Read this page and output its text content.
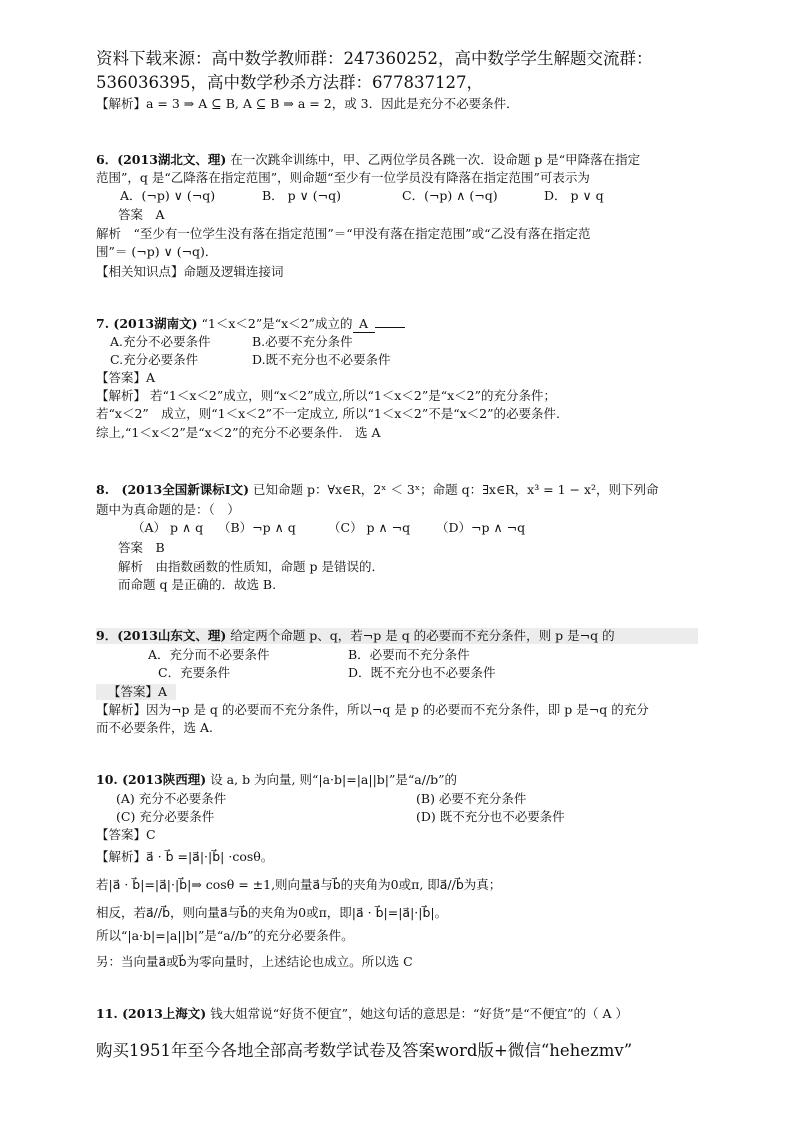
资料下载来源：高中数学教师群：247360252，高中数学学生解题交流群：
536036395，高中数学秒杀方法群：677837127，
【解析】a = 3 ⇒ A ⊆ B, A ⊆ B ⇒ a = 2，或 3．因此是充分不必要条件．
6．(2013湖北文、理) 在一次跳伞训练中，甲、乙两位学员各跳一次．设命题 p 是“甲降落在指定
范围”，q 是“乙降落在指定范围”，则命题“至少有一位学员没有降落在指定范围”可表示为
A．(¬p) ∨ (¬q)	B． p ∨ (¬q)	C．(¬p) ∧ (¬q)	D． p ∨ q
答案　A
解析　“至少有一位学生没有落在指定范围”＝“甲没有落在指定范围”或“乙没有落在指定范
围”＝ (¬p) ∨ (¬q)．
【相关知识点】命题及逻辑连接词
7. (2013湖南文) “1＜x＜2”是“x＜2”成立的A
A.充分不必要条件	B.必要不充分条件
C.充分必要条件	D.既不充分也不必要条件
【答案】A
【解析】 若“1＜x＜2”成立，则“x＜2”成立,所以“1＜x＜2”是“x＜2”的充分条件；
若“x＜2”　成立，则“1＜x＜2”不一定成立, 所以“1＜x＜2”不是“x＜2”的必要条件.
综上,“1＜x＜2”是“x＜2”的充分不必要条件.　选 A
8.　(2013全国新课标Ⅰ文) 已知命题 p：∀x∈R，2ˣ ＜ 3ˣ；命题 q：∃x∈R，x³ = 1 − x²，则下列命
题中为真命题的是：（　）
（A） p ∧ q （B）¬p ∧ q	（C） p ∧ ¬q （D）¬p ∧ ¬q
答案　B
解析　由指数函数的性质知，命题 p 是错误的．
而命题 q 是正确的．故选 B.
9．(2013山东文、理) 给定两个命题 p、q，若¬p 是 q 的必要而不充分条件，则 p 是¬q 的
A．充分而不必要条件	B．必要而不充分条件
C．充要条件	D．既不充分也不必要条件
【答案】A
【解析】因为¬p 是 q 的必要而不充分条件，所以¬q 是 p 的必要而不充分条件，即 p 是¬q 的充分
而不必要条件，选 A.
10. (2013陕西理) 设 a, b 为向量, 则“|a·b|=|a||b|”是“a//b”的
(A) 充分不必要条件	(B) 必要不充分条件
(C) 充分必要条件	(D) 既不充分也不必要条件
【答案】C
【解析】a⃗ · b⃗ =|a⃗|·|b⃗| ·cosθ。
若|a⃗ · b⃗|=|a⃗|·|b⃗|⇒ cosθ = ±1,则向量a⃗与b⃗的夹角为0或π, 即a⃗//b⃗为真；
相反，若a⃗//b⃗，则向量a⃗与b⃗的夹角为0或π，即|a⃗ · b⃗|=|a⃗|·|b⃗|。
所以“|a·b|=|a||b|”是“a//b”的充分必要条件。
另：当向量a⃗或b⃗为零向量时，上述结论也成立。所以选 C
11. (2013上海文) 钱大姐常说“好货不便宜”，她这句话的意思是：“好货”是“不便宜”的（ A ）
购买1951年至今各地全部高考数学试卷及答案word版+微信“hehezmv”
